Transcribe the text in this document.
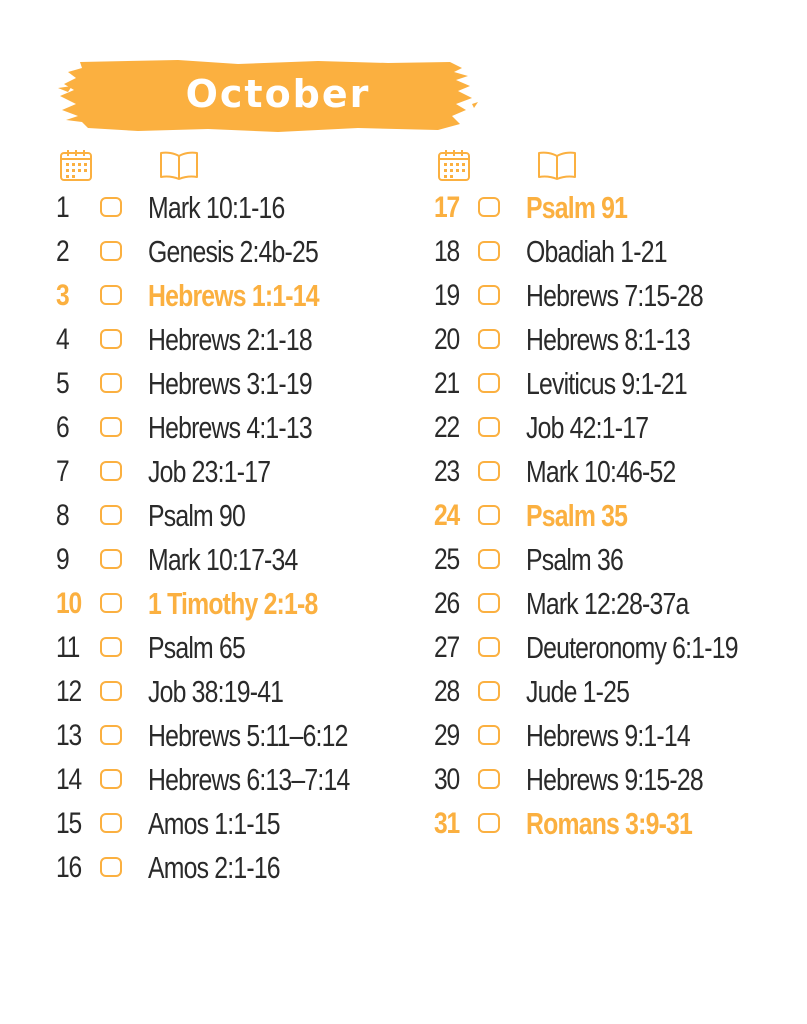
October
1	Mark 10:1-16
2	Genesis 2:4b-25
3	Hebrews 1:1-14
4	Hebrews 2:1-18
5	Hebrews 3:1-19
6	Hebrews 4:1-13
7	Job 23:1-17
8	Psalm 90
9	Mark 10:17-34
10 1 Timothy 2:1-8
11 Psalm 65
12 Job 38:19-41
13 Hebrews 5:11–6:12
14 Hebrews 6:13–7:14
15 Amos 1:1-15
16 Amos 2:1-16
17 Psalm 91
18 Obadiah 1-21
19 Hebrews 7:15-28
20 Hebrews 8:1-13
21 Leviticus 9:1-21
22 Job 42:1-17
23 Mark 10:46-52
24 Psalm 35
25 Psalm 36
26 Mark 12:28-37a
27 Deuteronomy 6:1-19
28 Jude 1-25
29 Hebrews 9:1-14
30 Hebrews 9:15-28
31 Romans 3:9-31
